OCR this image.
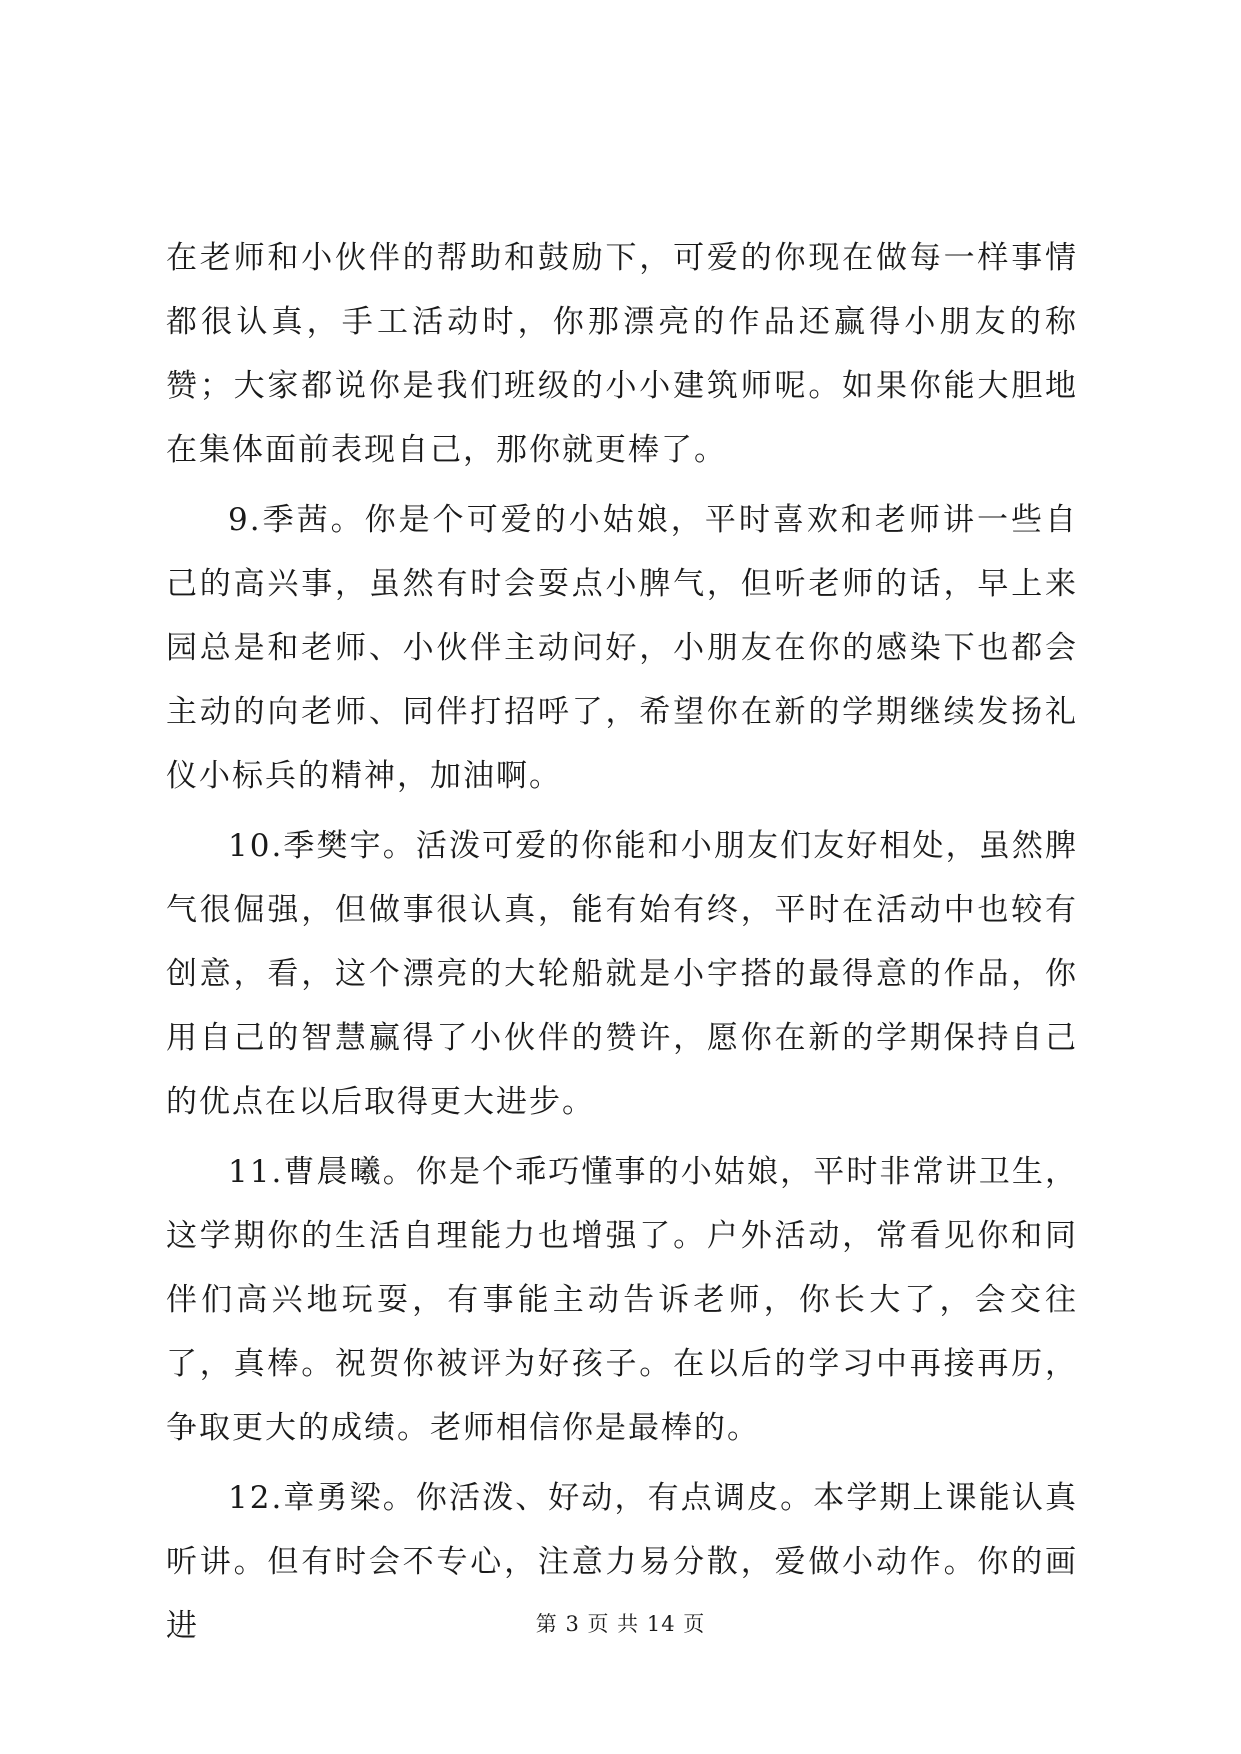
在老师和小伙伴的帮助和鼓励下，可爱的你现在做每一样事情都很认真，手工活动时，你那漂亮的作品还赢得小朋友的称赞；大家都说你是我们班级的小小建筑师呢。如果你能大胆地在集体面前表现自己，那你就更棒了。

9.季茜。你是个可爱的小姑娘，平时喜欢和老师讲一些自己的高兴事，虽然有时会耍点小脾气，但听老师的话，早上来园总是和老师、小伙伴主动问好，小朋友在你的感染下也都会主动的向老师、同伴打招呼了，希望你在新的学期继续发扬礼仪小标兵的精神，加油啊。

10.季樊宇。活泼可爱的你能和小朋友们友好相处，虽然脾气很倔强，但做事很认真，能有始有终，平时在活动中也较有创意，看，这个漂亮的大轮船就是小宇搭的最得意的作品，你用自己的智慧赢得了小伙伴的赞许，愿你在新的学期保持自己的优点在以后取得更大进步。

11.曹晨曦。你是个乖巧懂事的小姑娘，平时非常讲卫生，这学期你的生活自理能力也增强了。户外活动，常看见你和同伴们高兴地玩耍，有事能主动告诉老师，你长大了，会交往了，真棒。祝贺你被评为好孩子。在以后的学习中再接再历，争取更大的成绩。老师相信你是最棒的。

12.章勇梁。你活泼、好动，有点调皮。本学期上课能认真听讲。但有时会不专心，注意力易分散，爱做小动作。你的画进	第 3 页 共 14 页
